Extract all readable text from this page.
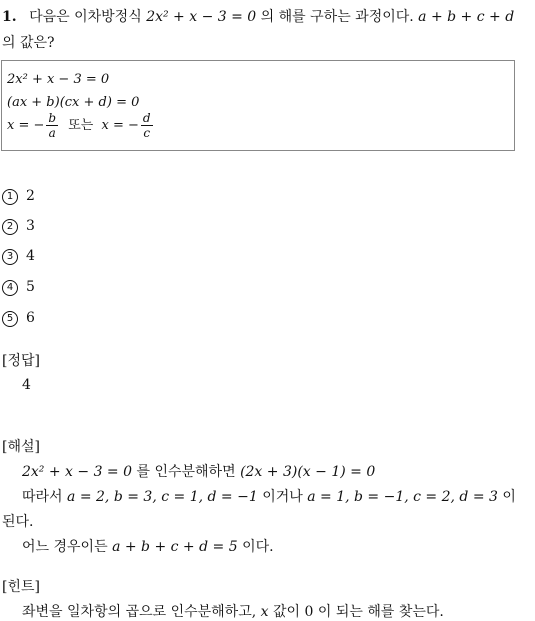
1. 다음은 이차방정식 2x² + x − 3 = 0 의 해를 구하는 과정이다. a + b + c + d
의 값은?
2x² + x − 3 = 0
(ax + b)(cx + d) = 0
x = − $\frac{b}{a}$ 또는 x = − $\frac{d}{c}$
1 2
2 3
3 4
4 5
5 6
[정답]
4
[해설]
2x² + x − 3 = 0 를 인수분해하면 (2x + 3)(x − 1) = 0
따라서 a = 2, b = 3, c = 1, d = −1 이거나 a = 1, b = −1, c = 2, d = 3 이
된다.
어느 경우이든 a + b + c + d = 5 이다.
[힌트]
좌변을 일차항의 곱으로 인수분해하고, x 값이 0 이 되는 해를 찾는다.
